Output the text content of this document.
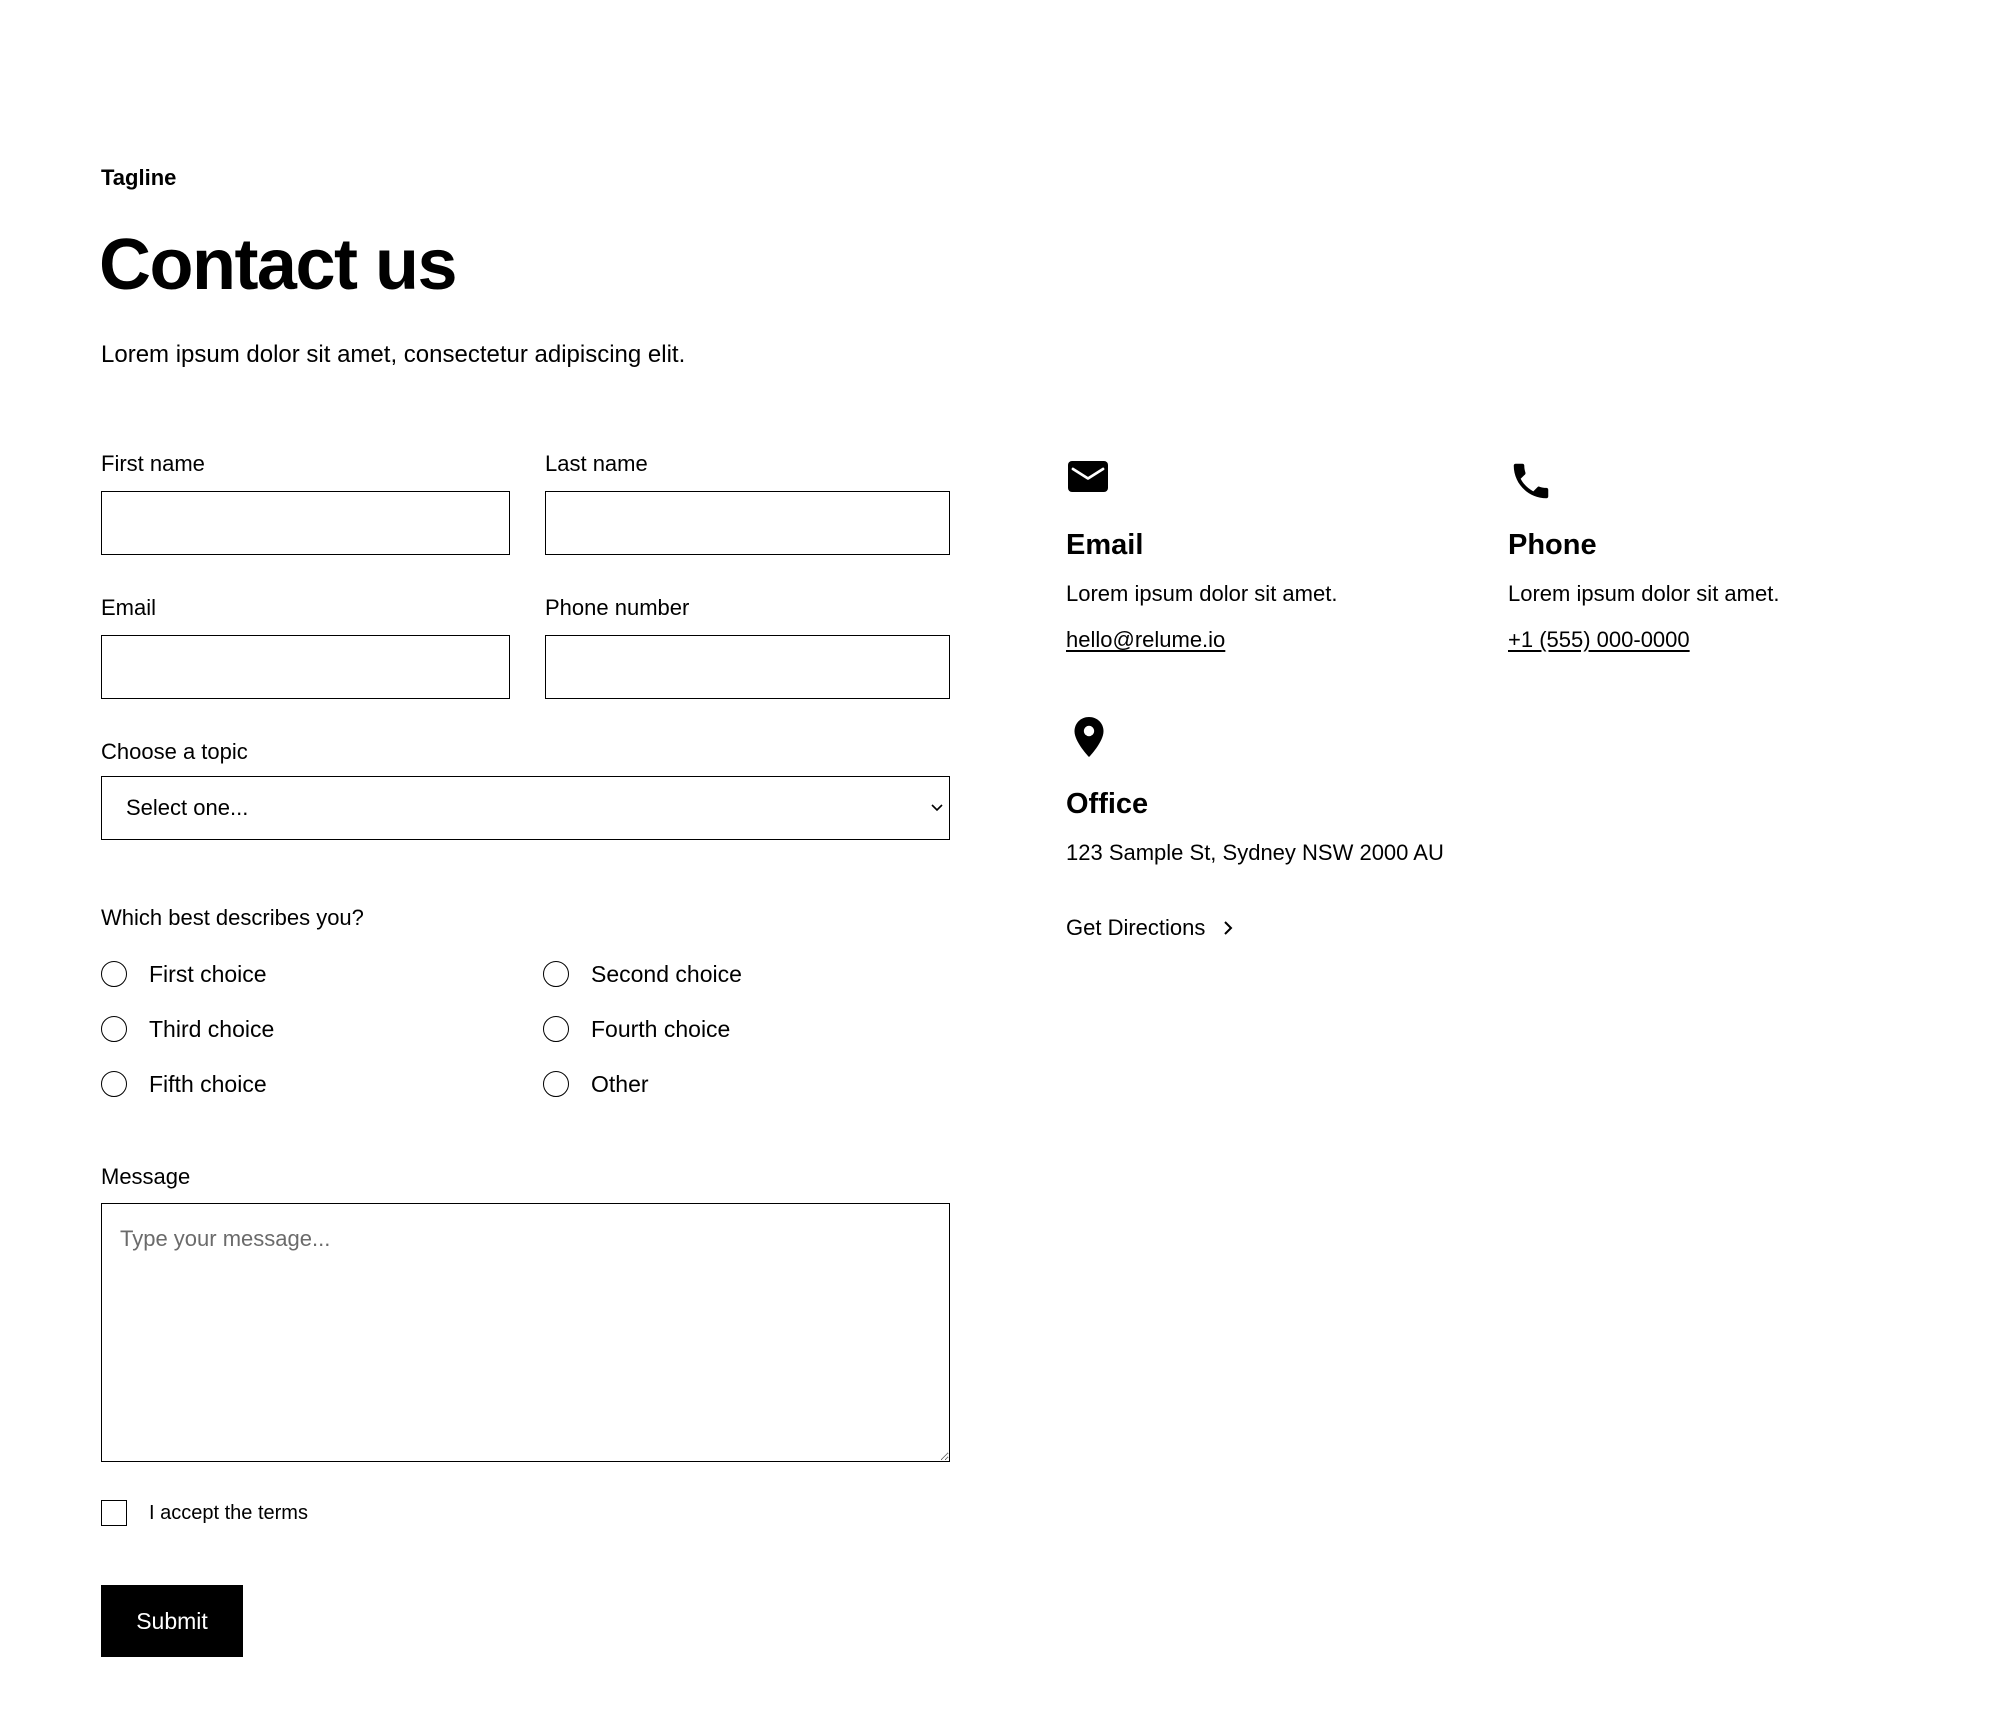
Tagline
Contact us
Lorem ipsum dolor sit amet, consectetur adipiscing elit.
First name	Last name
Email	Phone number
Choose a topic
Select one...
Which best describes you?
First choice	Second choice
Third choice	Fourth choice
Fifth choice	Other
Message
Type your message...
I accept the terms
Submit
Email
Lorem ipsum dolor sit amet.
hello@relume.io
Phone
Lorem ipsum dolor sit amet.
+1 (555) 000-0000
Office
123 Sample St, Sydney NSW 2000 AU
Get Directions
